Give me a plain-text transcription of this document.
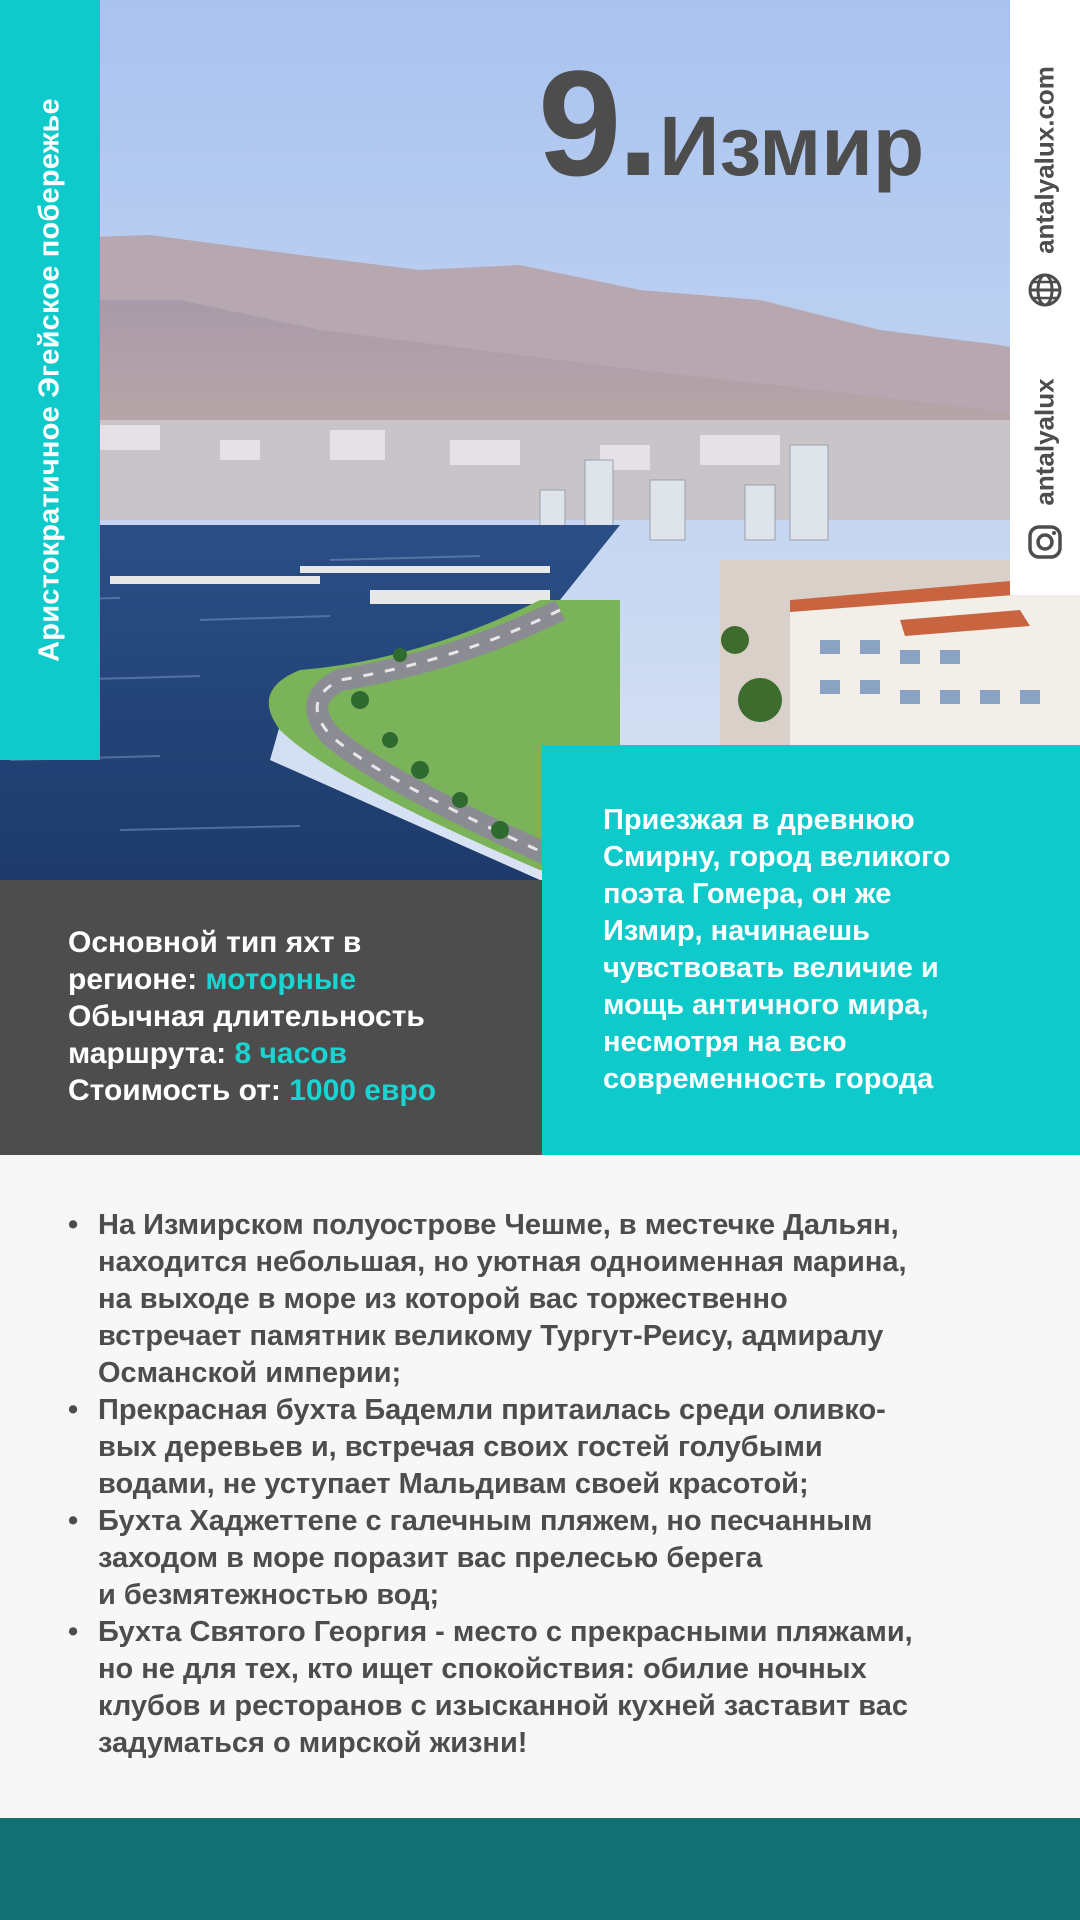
Аристократичное Эгейское побережье	9. Измир	antalyalux.com
antalyalux
Основной тип яхт в
регионе: моторные
Обычная длительность
маршрута: 8 часов
Стоимость от: 1000 евро
Приезжая в древнюю
Смирну, город великого
поэта Гомера, он же
Измир, начинаешь
чувствовать величие и
мощь античного мира,
несмотря на всю
современность города
• На Измирском полуострове Чешме, в местечке Дальян,
находится небольшая, но уютная одноименная марина,
на выходе в море из которой вас торжественно
встречает памятник великому Тургут-Реису, адмиралу
Османской империи;
• Прекрасная бухта Бадемли притаилась среди оливко-
вых деревьев и, встречая своих гостей голубыми
водами, не уступает Мальдивам своей красотой;
• Бухта Хаджеттепе с галечным пляжем, но песчанным
заходом в море поразит вас прелесью берега
и безмятежностью вод;
• Бухта Святого Георгия - место с прекрасными пляжами,
но не для тех, кто ищет спокойствия: обилие ночных
клубов и ресторанов с изысканной кухней заставит вас
задуматься о мирской жизни!
